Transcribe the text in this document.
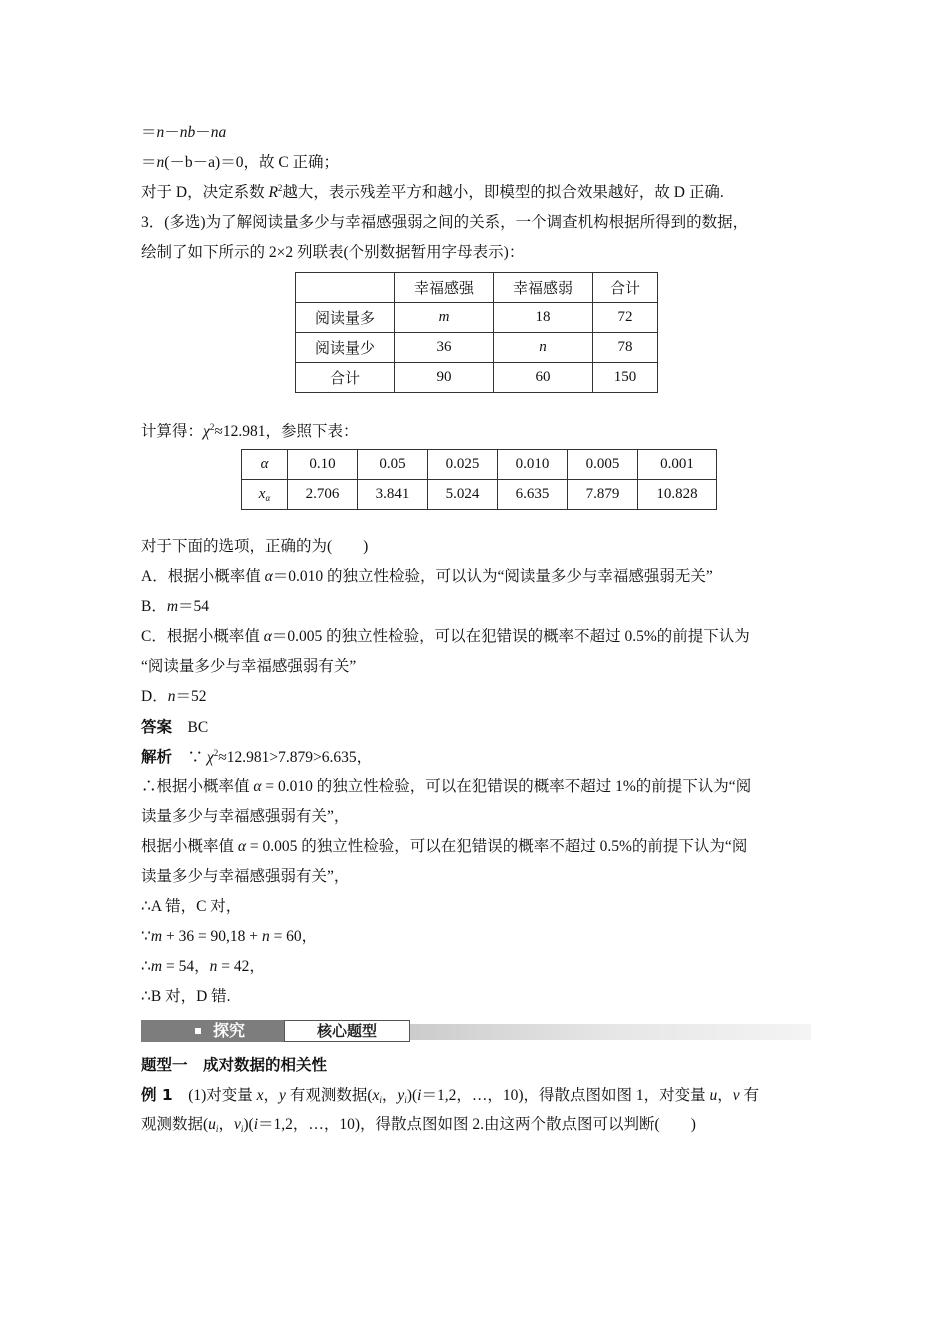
＝n－nb－na
＝n(－b－a)＝0，故 C 正确；
对于 D，决定系数 $R^2$越大，表示残差平方和越小，即模型的拟合效果越好，故 D 正确.
3．(多选)为了解阅读量多少与幸福感强弱之间的关系，一个调查机构根据所得到的数据，
绘制了如下所示的 2×2 列联表(个别数据暂用字母表示)：
	幸福感强	幸福感弱	合计
阅读量多	m	18	72
阅读量少	36	n	78
合计	90	60	150
计算得：$\chi^2\approx 12.981$，参照下表：
α	0.10	0.05	0.025	0.010	0.005	0.001
$x_\alpha$	2.706	3.841	5.024	6.635	7.879	10.828
对于下面的选项，正确的为(　　)
A．根据小概率值 α＝0.010 的独立性检验，可以认为“阅读量多少与幸福感强弱无关”
B．m＝54
C．根据小概率值 α＝0.005 的独立性检验，可以在犯错误的概率不超过 0.5%的前提下认为
“阅读量多少与幸福感强弱有关”
D．n＝52
答案　 BC
解析　 ∵ $\chi^2\approx 12.981>7.879>6.635$，
∴根据小概率值 α = 0.010 的独立性检验，可以在犯错误的概率不超过 1%的前提下认为“阅
读量多少与幸福感强弱有关”，
根据小概率值 α = 0.005 的独立性检验，可以在犯错误的概率不超过 0.5%的前提下认为“阅
读量多少与幸福感强弱有关”，
∴A 错，C 对，
∵m + 36 = 90,18 + n = 60，
∴m = 54，n = 42，
∴B 对，D 错.
探究	核心题型
题型一　成对数据的相关性
例 1　(1)对变量 x，y 有观测数据($x_i$，$y_i)(i=1,2$，…，10)，得散点图如图 1，对变量 u，v 有
观测数据($u_i$，$v_i)(i=1,2$，…，10)，得散点图如图 2.由这两个散点图可以判断(　　)
